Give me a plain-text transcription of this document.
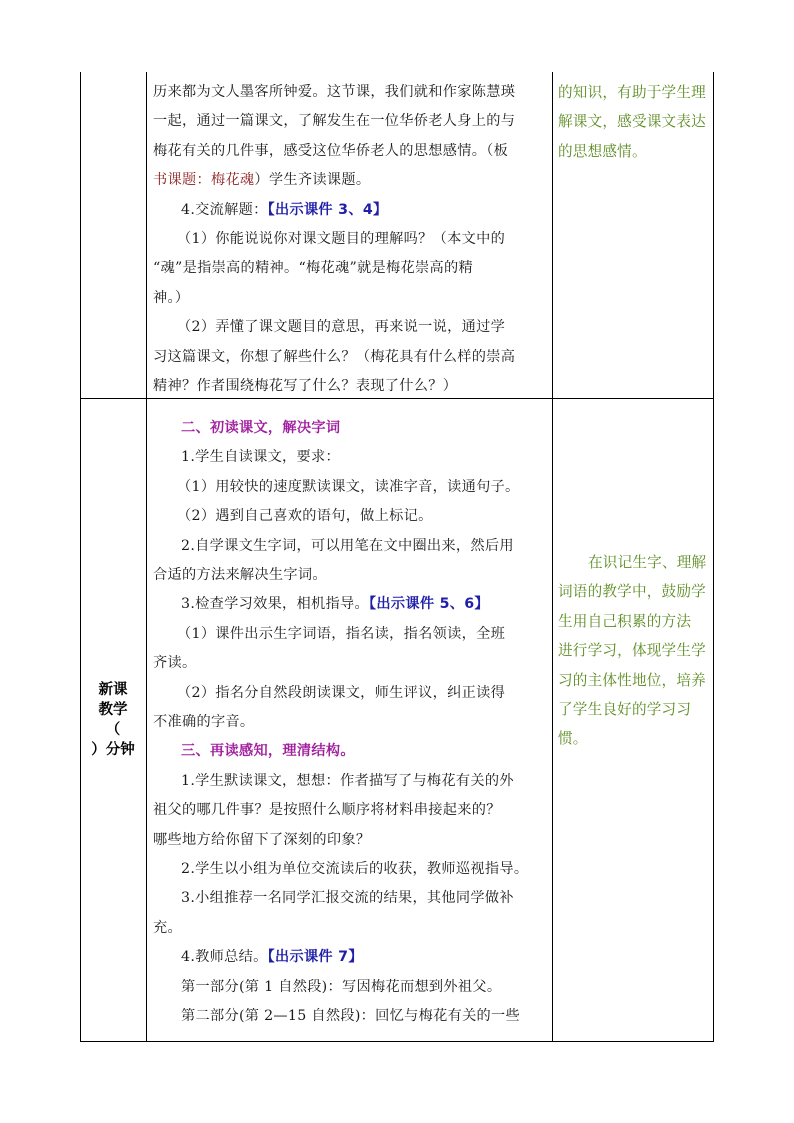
历来都为文人墨客所钟爱。这节课，我们就和作家陈慧瑛
一起，通过一篇课文，了解发生在一位华侨老人身上的与
梅花有关的几件事，感受这位华侨老人的思想感情。（板
书课题：梅花魂）学生齐读课题。
4.交流解题：【出示课件 3、4】
（1）你能说说你对课文题目的理解吗？（本文中的
“魂”是指崇高的精神。“梅花魂”就是梅花崇高的精
神。）
（2）弄懂了课文题目的意思，再来说一说，通过学
习这篇课文，你想了解些什么？（梅花具有什么样的崇高
精神？作者围绕梅花写了什么？表现了什么？）
的知识，有助于学生理
解课文，感受课文表达
的思想感情。
新课
教学
（
）分钟
二、初读课文，解决字词
1.学生自读课文，要求：
（1）用较快的速度默读课文，读准字音，读通句子。
（2）遇到自己喜欢的语句，做上标记。
2.自学课文生字词，可以用笔在文中圈出来，然后用
合适的方法来解决生字词。
3.检查学习效果，相机指导。【出示课件 5、6】
（1）课件出示生字词语，指名读，指名领读，全班
齐读。
（2）指名分自然段朗读课文，师生评议，纠正读得
不准确的字音。
三、再读感知，理清结构。
1.学生默读课文，想想：作者描写了与梅花有关的外
祖父的哪几件事？是按照什么顺序将材料串接起来的？
哪些地方给你留下了深刻的印象？
2.学生以小组为单位交流读后的收获，教师巡视指导。
3.小组推荐一名同学汇报交流的结果，其他同学做补
充。
4.教师总结。【出示课件 7】
第一部分(第 1 自然段)：写因梅花而想到外祖父。
第二部分(第 2—15 自然段)：回忆与梅花有关的一些
在识记生字、理解
词语的教学中，鼓励学
生用自己积累的方法
进行学习，体现学生学
习的主体性地位，培养
了学生良好的学习习
惯。
